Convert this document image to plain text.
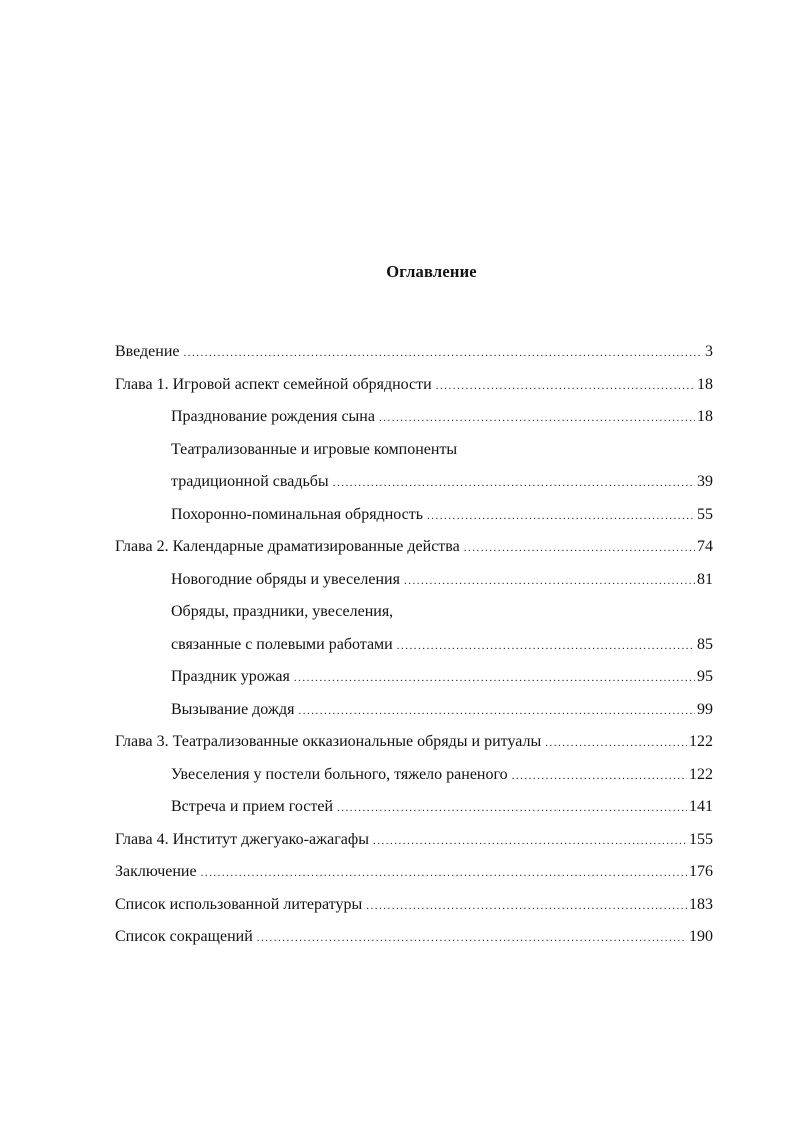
Оглавление
Введение .....	3
Глава 1. Игровой аспект семейной обрядности .....	18
Празднование рождения сына .....	18
Театрализованные и игровые компоненты
традиционной свадьбы .....	39
Похоронно-поминальная обрядность .....	55
Глава 2. Календарные драматизированные действа .....	74
Новогодние обряды и увеселения .....	81
Обряды, праздники, увеселения,
связанные с полевыми работами .....	85
Праздник урожая .....	95
Вызывание дождя .....	99
Глава 3. Театрализованные окказиональные обряды и ритуалы .....	122
Увеселения у постели больного, тяжело раненого .....	122
Встреча и прием гостей .....	141
Глава 4. Институт джегуако-ажагафы .....	155
Заключение .....	176
Список использованной литературы .....	183
Список сокращений .....	190
